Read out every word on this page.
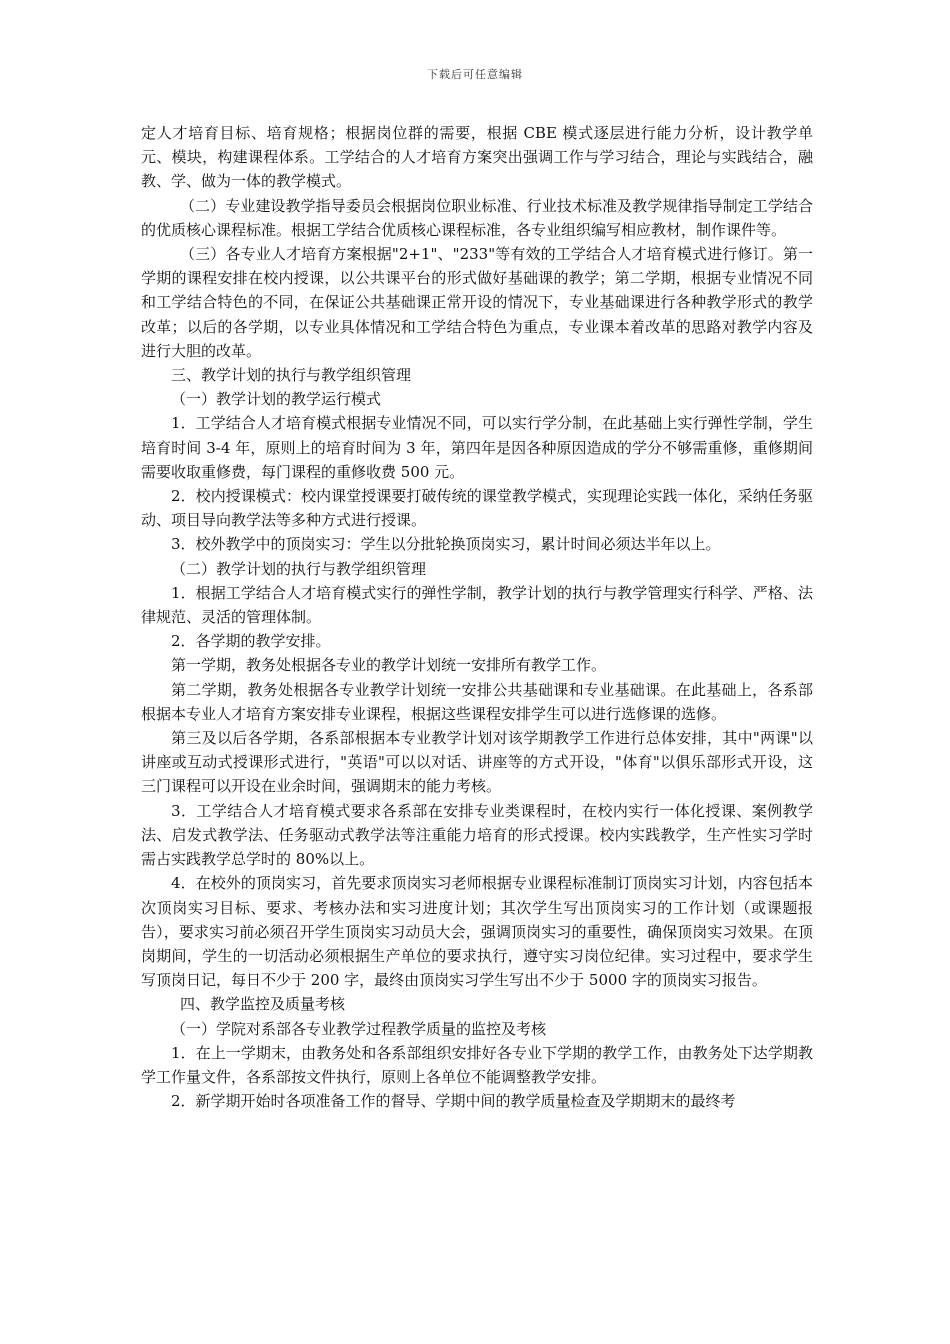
下载后可任意编辑

定人才培育目标、培育规格；根据岗位群的需要，根据 CBE 模式逐层进行能力分析，设计教学单元、模块，构建课程体系。工学结合的人才培育方案突出强调工作与学习结合，理论与实践结合，融教、学、做为一体的教学模式。

（二）专业建设教学指导委员会根据岗位职业标准、行业技术标准及教学规律指导制定工学结合的优质核心课程标准。根据工学结合优质核心课程标准，各专业组织编写相应教材，制作课件等。

（三）各专业人才培育方案根据"2+1"、"233"等有效的工学结合人才培育模式进行修订。第一学期的课程安排在校内授课，以公共课平台的形式做好基础课的教学；第二学期，根据专业情况不同和工学结合特色的不同，在保证公共基础课正常开设的情况下，专业基础课进行各种教学形式的教学改革；以后的各学期，以专业具体情况和工学结合特色为重点，专业课本着改革的思路对教学内容及进行大胆的改革。

三、教学计划的执行与教学组织管理

（一）教学计划的教学运行模式

1．工学结合人才培育模式根据专业情况不同，可以实行学分制，在此基础上实行弹性学制，学生培育时间 3-4 年，原则上的培育时间为 3 年，第四年是因各种原因造成的学分不够需重修，重修期间需要收取重修费，每门课程的重修收费 500 元。

2．校内授课模式：校内课堂授课要打破传统的课堂教学模式，实现理论实践一体化，采纳任务驱动、项目导向教学法等多种方式进行授课。

3．校外教学中的顶岗实习：学生以分批轮换顶岗实习，累计时间必须达半年以上。

（二）教学计划的执行与教学组织管理

1．根据工学结合人才培育模式实行的弹性学制，教学计划的执行与教学管理实行科学、严格、法律规范、灵活的管理体制。

2．各学期的教学安排。

第一学期，教务处根据各专业的教学计划统一安排所有教学工作。

第二学期，教务处根据各专业教学计划统一安排公共基础课和专业基础课。在此基础上，各系部根据本专业人才培育方案安排专业课程，根据这些课程安排学生可以进行选修课的选修。

第三及以后各学期，各系部根据本专业教学计划对该学期教学工作进行总体安排，其中"两课"以讲座或互动式授课形式进行，"英语"可以以对话、讲座等的方式开设，"体育"以俱乐部形式开设，这三门课程可以开设在业余时间，强调期末的能力考核。

3．工学结合人才培育模式要求各系部在安排专业类课程时，在校内实行一体化授课、案例教学法、启发式教学法、任务驱动式教学法等注重能力培育的形式授课。校内实践教学，生产性实习学时需占实践教学总学时的 80%以上。

4．在校外的顶岗实习，首先要求顶岗实习老师根据专业课程标准制订顶岗实习计划，内容包括本次顶岗实习目标、要求、考核办法和实习进度计划；其次学生写出顶岗实习的工作计划（或课题报告），要求实习前必须召开学生顶岗实习动员大会，强调顶岗实习的重要性，确保顶岗实习效果。在顶岗期间，学生的一切活动必须根据生产单位的要求执行，遵守实习岗位纪律。实习过程中，要求学生写顶岗日记，每日不少于 200 字，最终由顶岗实习学生写出不少于 5000 字的顶岗实习报告。

四、教学监控及质量考核

（一）学院对系部各专业教学过程教学质量的监控及考核

1．在上一学期末，由教务处和各系部组织安排好各专业下学期的教学工作，由教务处下达学期教学工作量文件，各系部按文件执行，原则上各单位不能调整教学安排。

2．新学期开始时各项准备工作的督导、学期中间的教学质量检查及学期期末的最终考
